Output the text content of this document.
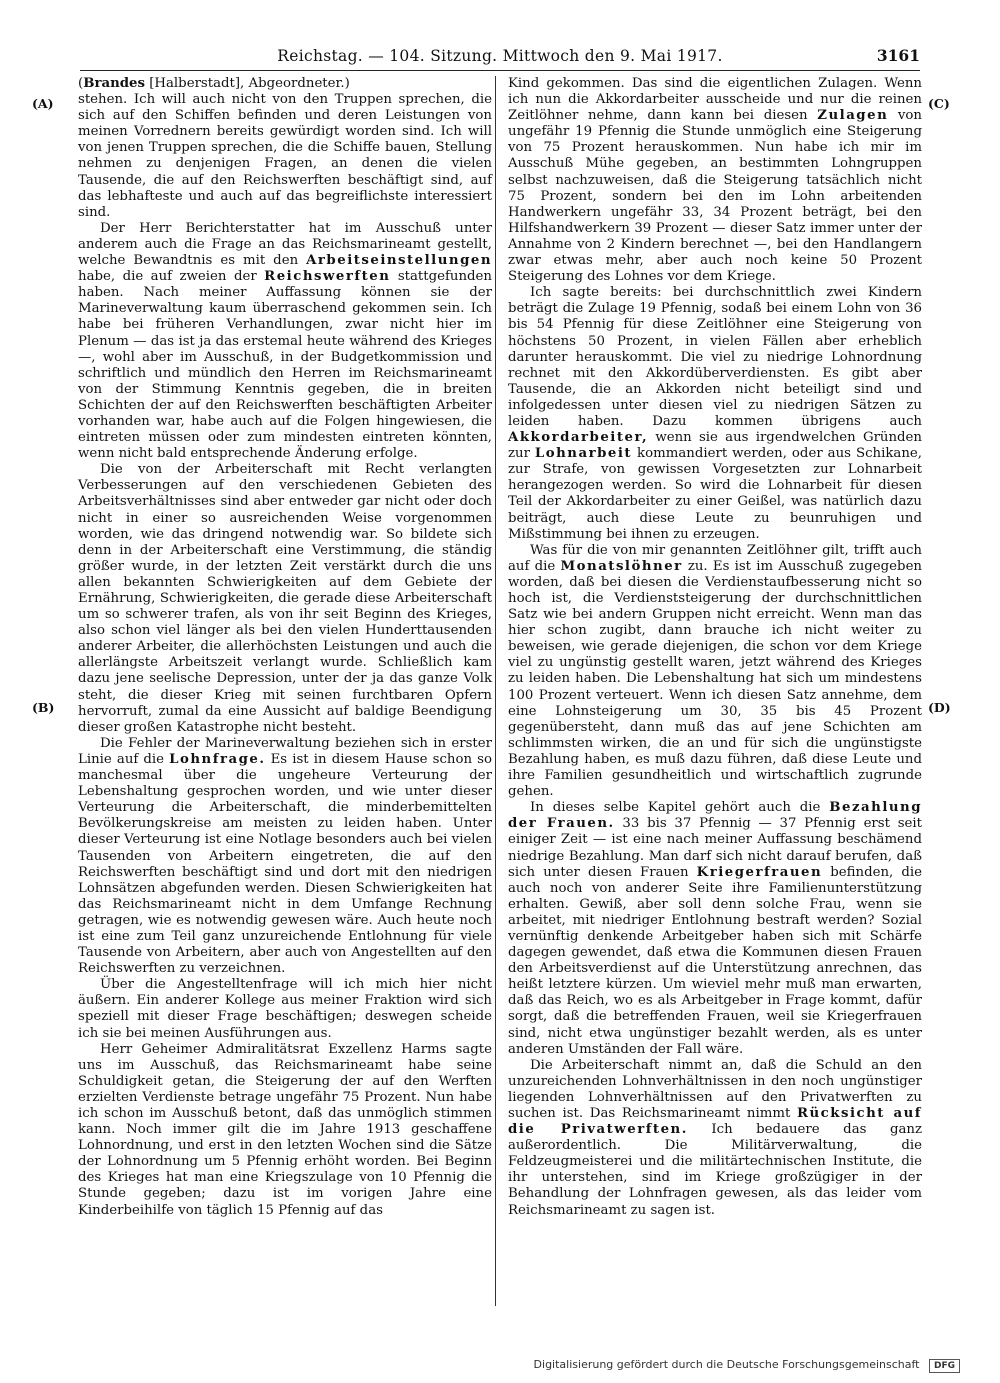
Reichstag. — 104. Sitzung. Mittwoch den 9. Mai 1917.	3161
(A)
(B)
(C)
(D)

(Brandes [Halberstadt], Abgeordneter.)

stehen. Ich will auch nicht von den Truppen sprechen, die sich auf den Schiffen befinden und deren Leistungen von meinen Vorrednern bereits gewürdigt worden sind. Ich will von jenen Truppen sprechen, die die Schiffe bauen, Stellung nehmen zu denjenigen Fragen, an denen die vielen Tausende, die auf den Reichswerften beschäftigt sind, auf das lebhafteste und auch auf das begreiflichste interessiert sind.

Der Herr Berichterstatter hat im Ausschuß unter anderem auch die Frage an das Reichsmarineamt gestellt, welche Bewandtnis es mit den Arbeitseinstellungen habe, die auf zweien der Reichswerften stattgefunden haben. Nach meiner Auffassung können sie der Marineverwaltung kaum überraschend gekommen sein. Ich habe bei früheren Verhandlungen, zwar nicht hier im Plenum — das ist ja das erstemal heute während des Krieges —, wohl aber im Ausschuß, in der Budgetkommission und schriftlich und mündlich den Herren im Reichsmarineamt von der Stimmung Kenntnis gegeben, die in breiten Schichten der auf den Reichswerften beschäftigten Arbeiter vorhanden war, habe auch auf die Folgen hingewiesen, die eintreten müssen oder zum mindesten eintreten könnten, wenn nicht bald entsprechende Änderung erfolge.

Die von der Arbeiterschaft mit Recht verlangten Verbesserungen auf den verschiedenen Gebieten des Arbeitsverhältnisses sind aber entweder gar nicht oder doch nicht in einer so ausreichenden Weise vorgenommen worden, wie das dringend notwendig war. So bildete sich denn in der Arbeiterschaft eine Verstimmung, die ständig größer wurde, in der letzten Zeit verstärkt durch die uns allen bekannten Schwierigkeiten auf dem Gebiete der Ernährung, Schwierigkeiten, die gerade diese Arbeiterschaft um so schwerer trafen, als von ihr seit Beginn des Krieges, also schon viel länger als bei den vielen Hunderttausenden anderer Arbeiter, die allerhöchsten Leistungen und auch die allerlängste Arbeitszeit verlangt wurde. Schließlich kam dazu jene seelische Depression, unter der ja das ganze Volk steht, die dieser Krieg mit seinen furchtbaren Opfern hervorruft, zumal da eine Aussicht auf baldige Beendigung dieser großen Katastrophe nicht besteht.

Die Fehler der Marineverwaltung beziehen sich in erster Linie auf die Lohnfrage. Es ist in diesem Hause schon so manchesmal über die ungeheure Verteurung der Lebenshaltung gesprochen worden, und wie unter dieser Verteurung die Arbeiterschaft, die minderbemittelten Bevölkerungskreise am meisten zu leiden haben. Unter dieser Verteurung ist eine Notlage besonders auch bei vielen Tausenden von Arbeitern eingetreten, die auf den Reichswerften beschäftigt sind und dort mit den niedrigen Lohnsätzen abgefunden werden. Diesen Schwierigkeiten hat das Reichsmarineamt nicht in dem Umfange Rechnung getragen, wie es notwendig gewesen wäre. Auch heute noch ist eine zum Teil ganz unzureichende Entlohnung für viele Tausende von Arbeitern, aber auch von Angestellten auf den Reichswerften zu verzeichnen.

Über die Angestelltenfrage will ich mich hier nicht äußern. Ein anderer Kollege aus meiner Fraktion wird sich speziell mit dieser Frage beschäftigen; deswegen scheide ich sie bei meinen Ausführungen aus.

Herr Geheimer Admiralitätsrat Exzellenz Harms sagte uns im Ausschuß, das Reichsmarineamt habe seine Schuldigkeit getan, die Steigerung der auf den Werften erzielten Verdienste betrage ungefähr 75 Prozent. Nun habe ich schon im Ausschuß betont, daß das unmöglich stimmen kann. Noch immer gilt die im Jahre 1913 geschaffene Lohnordnung, und erst in den letzten Wochen sind die Sätze der Lohnordnung um 5 Pfennig erhöht worden. Bei Beginn des Krieges hat man eine Kriegszulage von 10 Pfennig die Stunde gegeben; dazu ist im vorigen Jahre eine Kinderbeihilfe von täglich 15 Pfennig auf das

Kind gekommen. Das sind die eigentlichen Zulagen. Wenn ich nun die Akkordarbeiter ausscheide und nur die reinen Zeitlöhner nehme, dann kann bei diesen Zulagen von ungefähr 19 Pfennig die Stunde unmöglich eine Steigerung von 75 Prozent herauskommen. Nun habe ich mir im Ausschuß Mühe gegeben, an bestimmten Lohngruppen selbst nachzuweisen, daß die Steigerung tatsächlich nicht 75 Prozent, sondern bei den im Lohn arbeitenden Handwerkern ungefähr 33, 34 Prozent beträgt, bei den Hilfshandwerkern 39 Prozent — dieser Satz immer unter der Annahme von 2 Kindern berechnet —, bei den Handlangern zwar etwas mehr, aber auch noch keine 50 Prozent Steigerung des Lohnes vor dem Kriege.

Ich sagte bereits: bei durchschnittlich zwei Kindern beträgt die Zulage 19 Pfennig, sodaß bei einem Lohn von 36 bis 54 Pfennig für diese Zeitlöhner eine Steigerung von höchstens 50 Prozent, in vielen Fällen aber erheblich darunter herauskommt. Die viel zu niedrige Lohnordnung rechnet mit den Akkordüberverdiensten. Es gibt aber Tausende, die an Akkorden nicht beteiligt sind und infolgedessen unter diesen viel zu niedrigen Sätzen zu leiden haben. Dazu kommen übrigens auch Akkordarbeiter, wenn sie aus irgendwelchen Gründen zur Lohnarbeit kommandiert werden, oder aus Schikane, zur Strafe, von gewissen Vorgesetzten zur Lohnarbeit herangezogen werden. So wird die Lohnarbeit für diesen Teil der Akkordarbeiter zu einer Geißel, was natürlich dazu beiträgt, auch diese Leute zu beunruhigen und Mißstimmung bei ihnen zu erzeugen.

Was für die von mir genannten Zeitlöhner gilt, trifft auch auf die Monatslöhner zu. Es ist im Ausschuß zugegeben worden, daß bei diesen die Verdienstaufbesserung nicht so hoch ist, die Verdienststeigerung der durchschnittlichen Satz wie bei andern Gruppen nicht erreicht. Wenn man das hier schon zugibt, dann brauche ich nicht weiter zu beweisen, wie gerade diejenigen, die schon vor dem Kriege viel zu ungünstig gestellt waren, jetzt während des Krieges zu leiden haben. Die Lebenshaltung hat sich um mindestens 100 Prozent verteuert. Wenn ich diesen Satz annehme, dem eine Lohnsteigerung um 30, 35 bis 45 Prozent gegenübersteht, dann muß das auf jene Schichten am schlimmsten wirken, die an und für sich die ungünstigste Bezahlung haben, es muß dazu führen, daß diese Leute und ihre Familien gesundheitlich und wirtschaftlich zugrunde gehen.

In dieses selbe Kapitel gehört auch die Bezahlung der Frauen. 33 bis 37 Pfennig — 37 Pfennig erst seit einiger Zeit — ist eine nach meiner Auffassung beschämend niedrige Bezahlung. Man darf sich nicht darauf berufen, daß sich unter diesen Frauen Kriegerfrauen befinden, die auch noch von anderer Seite ihre Familienunterstützung erhalten. Gewiß, aber soll denn solche Frau, wenn sie arbeitet, mit niedriger Entlohnung bestraft werden? Sozial vernünftig denkende Arbeitgeber haben sich mit Schärfe dagegen gewendet, daß etwa die Kommunen diesen Frauen den Arbeitsverdienst auf die Unterstützung anrechnen, das heißt letztere kürzen. Um wieviel mehr muß man erwarten, daß das Reich, wo es als Arbeitgeber in Frage kommt, dafür sorgt, daß die betreffenden Frauen, weil sie Kriegerfrauen sind, nicht etwa ungünstiger bezahlt werden, als es unter anderen Umständen der Fall wäre.

Die Arbeiterschaft nimmt an, daß die Schuld an den unzureichenden Lohnverhältnissen in den noch ungünstiger liegenden Lohnverhältnissen auf den Privatwerften zu suchen ist. Das Reichsmarineamt nimmt Rücksicht auf die Privatwerften. Ich bedauere das ganz außerordentlich. Die Militärverwaltung, die Feldzeugmeisterei und die militärtechnischen Institute, die ihr unterstehen, sind im Kriege großzügiger in der Behandlung der Lohnfragen gewesen, als das leider vom Reichsmarineamt zu sagen ist.

Digitalisierung gefördert durch die Deutsche Forschungsgemeinschaft DFG
